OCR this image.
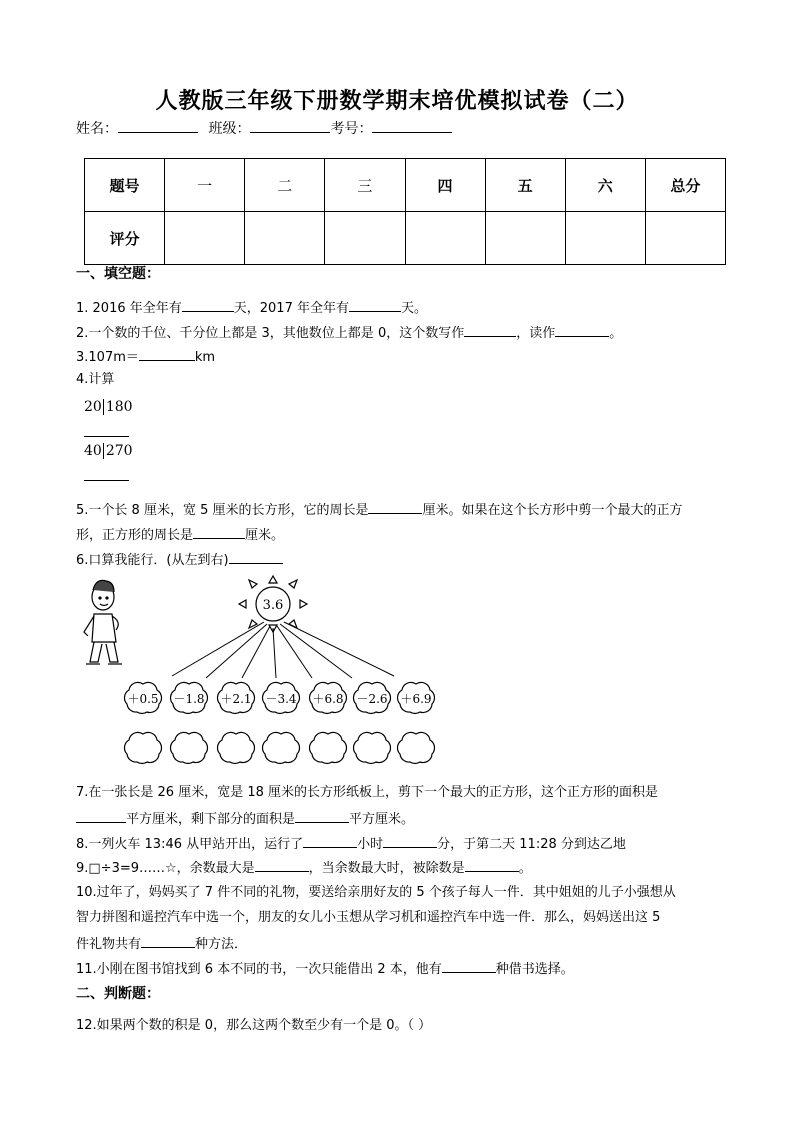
人教版三年级下册数学期末培优模拟试卷（二）
姓名：	班级：	考号：
题号	一	二	三	四	五	六	总分
评分							
一、填空题：
1. 2016 年全年有	天，2017 年全年有	天。
2.一个数的千位、千分位上都是 3，其他数位上都是 0，这个数写作	，读作	。
3.107m＝	km
4.计算
20 180
40 270
5.一个长 8 厘米，宽 5 厘米的长方形，它的周长是	厘米。如果在这个长方形中剪一个最大的正方
形，正方形的周长是	厘米。
6.口算我能行．(从左到右)
3.6
＋0.5 －1.8 ＋2.1 －3.4 ＋6.8 －2.6 ＋6.9
7.在一张长是 26 厘米，宽是 18 厘米的长方形纸板上，剪下一个最大的正方形，这个正方形的面积是
平方厘米，剩下部分的面积是	平方厘米。
8.一列火车 13:46 从甲站开出，运行了	小时	分，于第二天 11:28 分到达乙地
9.□÷3=9……☆，余数最大是	，当余数最大时，被除数是	。
10.过年了，妈妈买了 7 件不同的礼物，要送给亲朋好友的 5 个孩子每人一件．其中姐姐的儿子小强想从
智力拼图和遥控汽车中选一个，朋友的女儿小玉想从学习机和遥控汽车中选一件．那么，妈妈送出这 5
件礼物共有	种方法．
11.小刚在图书馆找到 6 本不同的书，一次只能借出 2 本，他有	种借书选择。
二、判断题：
12.如果两个数的积是 0，那么这两个数至少有一个是 0。（ ）
